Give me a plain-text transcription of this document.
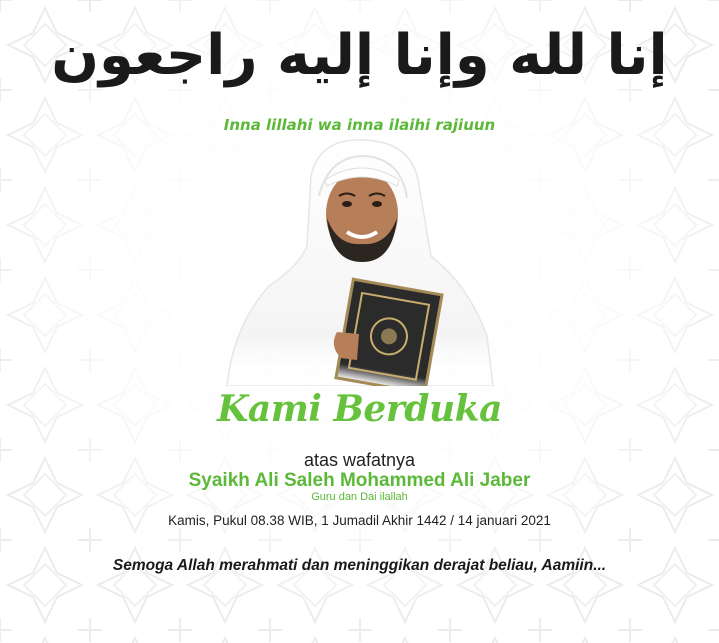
إنا لله وإنا إليه راجعون
Inna lillahi wa inna ilaihi rajiuun
Kami Berduka
atas wafatnya
Syaikh Ali Saleh Mohammed Ali Jaber
Guru dan Dai ilallah
Kamis, Pukul 08.38 WIB, 1 Jumadil Akhir 1442 / 14 januari 2021
Semoga Allah merahmati dan meninggikan derajat beliau, Aamiin...
